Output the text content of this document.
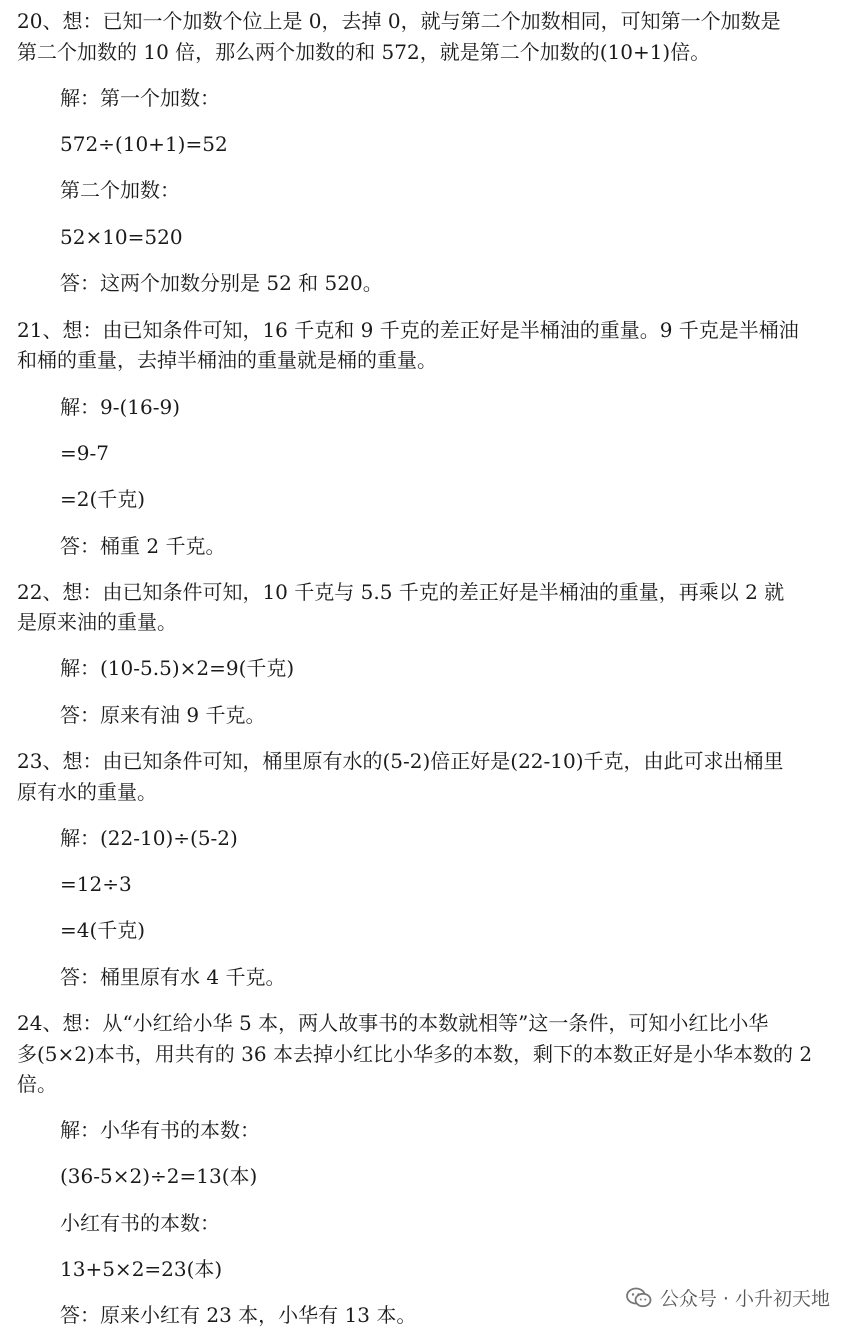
20、想：已知一个加数个位上是 0，去掉 0，就与第二个加数相同，可知第一个加数是
第二个加数的 10 倍，那么两个加数的和 572，就是第二个加数的(10+1)倍。
解：第一个加数：
572÷(10+1)=52
第二个加数：
52×10=520
答：这两个加数分别是 52 和 520。
21、想：由已知条件可知，16 千克和 9 千克的差正好是半桶油的重量。9 千克是半桶油
和桶的重量，去掉半桶油的重量就是桶的重量。
解：9-(16-9)
=9-7
=2(千克)
答：桶重 2 千克。
22、想：由已知条件可知，10 千克与 5.5 千克的差正好是半桶油的重量，再乘以 2 就
是原来油的重量。
解：(10-5.5)×2=9(千克)
答：原来有油 9 千克。
23、想：由已知条件可知，桶里原有水的(5-2)倍正好是(22-10)千克，由此可求出桶里
原有水的重量。
解：(22-10)÷(5-2)
=12÷3
=4(千克)
答：桶里原有水 4 千克。
24、想：从“小红给小华 5 本，两人故事书的本数就相等”这一条件，可知小红比小华
多(5×2)本书，用共有的 36 本去掉小红比小华多的本数，剩下的本数正好是小华本数的 2
倍。
解：小华有书的本数：
(36-5×2)÷2=13(本)
小红有书的本数：
13+5×2=23(本)
答：原来小红有 23 本，小华有 13 本。
公众号 · 小升初天地
